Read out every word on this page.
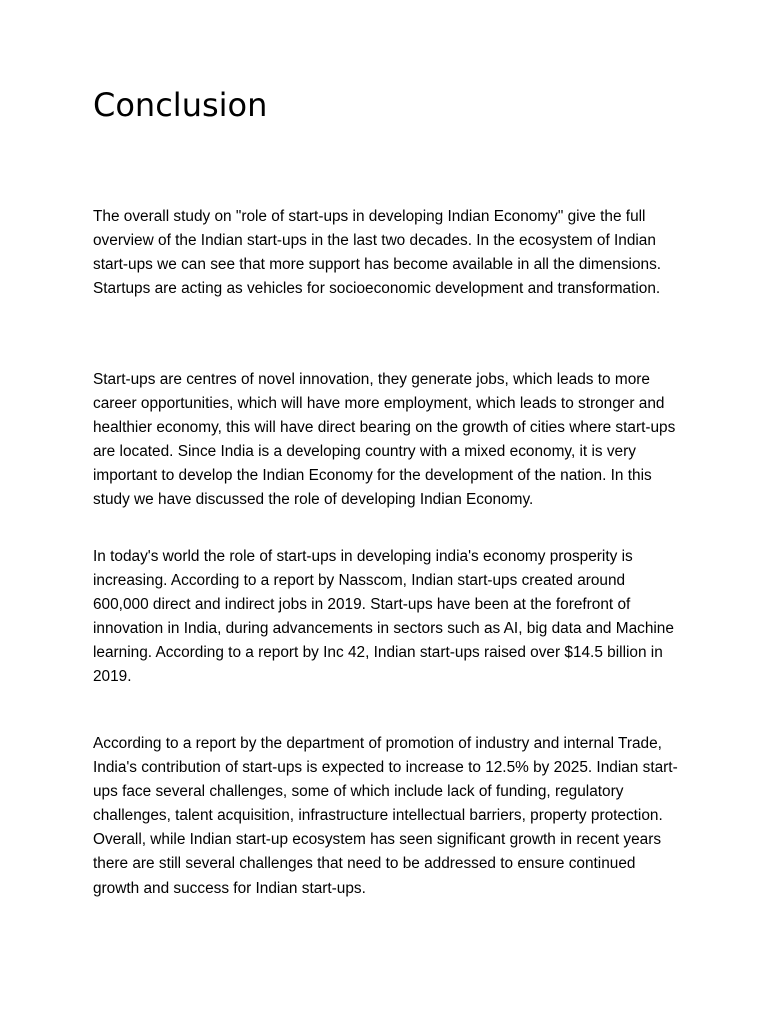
Conclusion

The overall study on "role of start-ups in developing Indian Economy" give the full overview of the Indian start-ups in the last two decades. In the ecosystem of Indian start-ups we can see that more support has become available in all the dimensions. Startups are acting as vehicles for socioeconomic development and transformation.

Start-ups are centres of novel innovation, they generate jobs, which leads to more career opportunities, which will have more employment, which leads to stronger and healthier economy, this will have direct bearing on the growth of cities where start-ups are located. Since India is a developing country with a mixed economy, it is very important to develop the Indian Economy for the development of the nation. In this study we have discussed the role of developing Indian Economy.

In today's world the role of start-ups in developing india's economy prosperity is increasing. According to a report by Nasscom, Indian start-ups created around 600,000 direct and indirect jobs in 2019. Start-ups have been at the forefront of innovation in India, during advancements in sectors such as AI, big data and Machine learning. According to a report by Inc 42, Indian start-ups raised over $14.5 billion in 2019.

According to a report by the department of promotion of industry and internal Trade, India's contribution of start-ups is expected to increase to 12.5% by 2025. Indian start-ups face several challenges, some of which include lack of funding, regulatory challenges, talent acquisition, infrastructure intellectual barriers, property protection. Overall, while Indian start-up ecosystem has seen significant growth in recent years there are still several challenges that need to be addressed to ensure continued growth and success for Indian start-ups.
